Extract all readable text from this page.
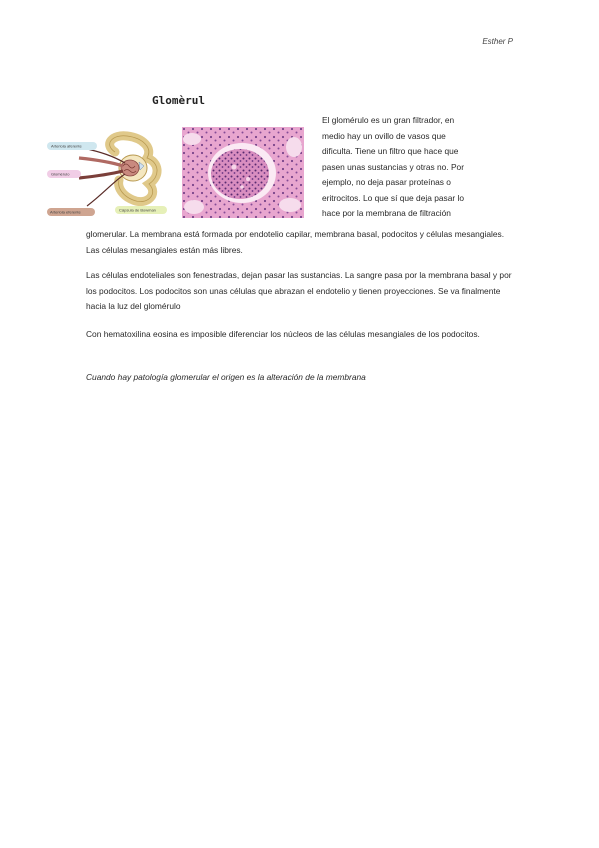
Esther P
Glomèrul
Arteriola aferente
Glomérulo
Arteriola eferente	Cápsula de Bowman
El glomérulo es un gran filtrador, en
medio hay un ovillo de vasos que
dificulta. Tiene un filtro que hace que
pasen unas sustancias y otras no. Por
ejemplo, no deja pasar proteínas o
eritrocitos. Lo que sí que deja pasar lo
hace por la membrana de filtración
glomerular. La membrana está formada por endotelio capilar, membrana basal, podocitos y células mesangiales. Las células mesangiales están más libres.

Las células endoteliales son fenestradas, dejan pasar las sustancias. La sangre pasa por la membrana basal y por los podocitos. Los podocitos son unas células que abrazan el endotelio y tienen proyecciones. Se va finalmente hacia la luz del glomérulo

Con hematoxilina eosina es imposible diferenciar los núcleos de las células mesangiales de los podocitos.

Cuando hay patología glomerular el origen es la alteración de la membrana
